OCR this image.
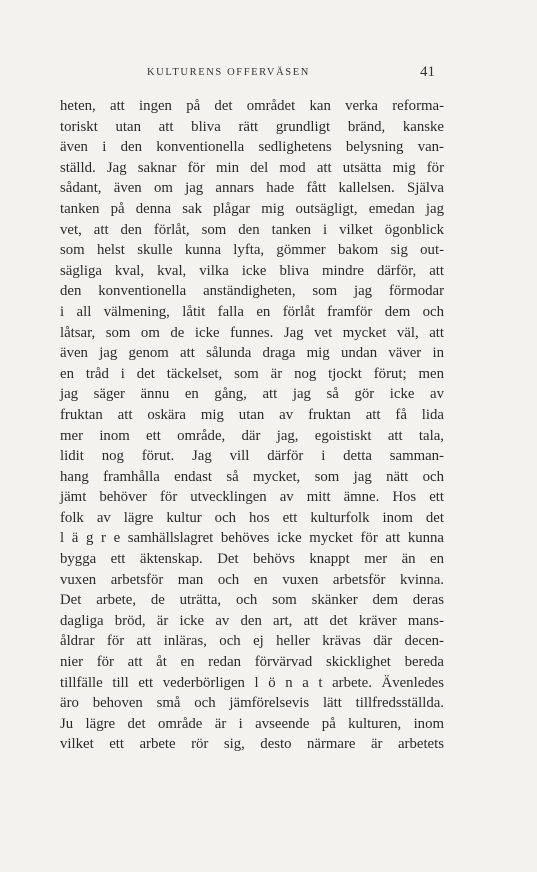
KULTURENS OFFERVÄSEN	41
heten, att ingen på det området kan verka reforma-
toriskt utan att bliva rätt grundligt bränd, kanske
även i den konventionella sedlighetens belysning van-
ställd. Jag saknar för min del mod att utsätta mig för
sådant, även om jag annars hade fått kallelsen. Själva
tanken på denna sak plågar mig outsägligt, emedan jag
vet, att den förlåt, som den tanken i vilket ögonblick
som helst skulle kunna lyfta, gömmer bakom sig out-
sägliga kval, kval, vilka icke bliva mindre därför, att
den konventionella anständigheten, som jag förmodar
i all välmening, låtit falla en förlåt framför dem och
låtsar, som om de icke funnes. Jag vet mycket väl, att
även jag genom att sålunda draga mig undan väver in
en tråd i det täckelset, som är nog tjockt förut; men
jag säger ännu en gång, att jag så gör icke av
fruktan att oskära mig utan av fruktan att få lida
mer inom ett område, där jag, egoistiskt att tala,
lidit nog förut. Jag vill därför i detta samman-
hang framhålla endast så mycket, som jag nätt och
jämt behöver för utvecklingen av mitt ämne. Hos ett
folk av lägre kultur och hos ett kulturfolk inom det
l ä g r e samhällslagret behöves icke mycket för att kunna
bygga ett äktenskap. Det behövs knappt mer än en
vuxen arbetsför man och en vuxen arbetsför kvinna.
Det arbete, de uträtta, och som skänker dem deras
dagliga bröd, är icke av den art, att det kräver mans-
åldrar för att inläras, och ej heller krävas där decen-
nier för att åt en redan förvärvad skicklighet bereda
tillfälle till ett vederbörligen l ö n a t arbete. Ävenledes
äro behoven små och jämförelsevis lätt tillfredsställda.
Ju lägre det område är i avseende på kulturen, inom
vilket ett arbete rör sig, desto närmare är arbetets
